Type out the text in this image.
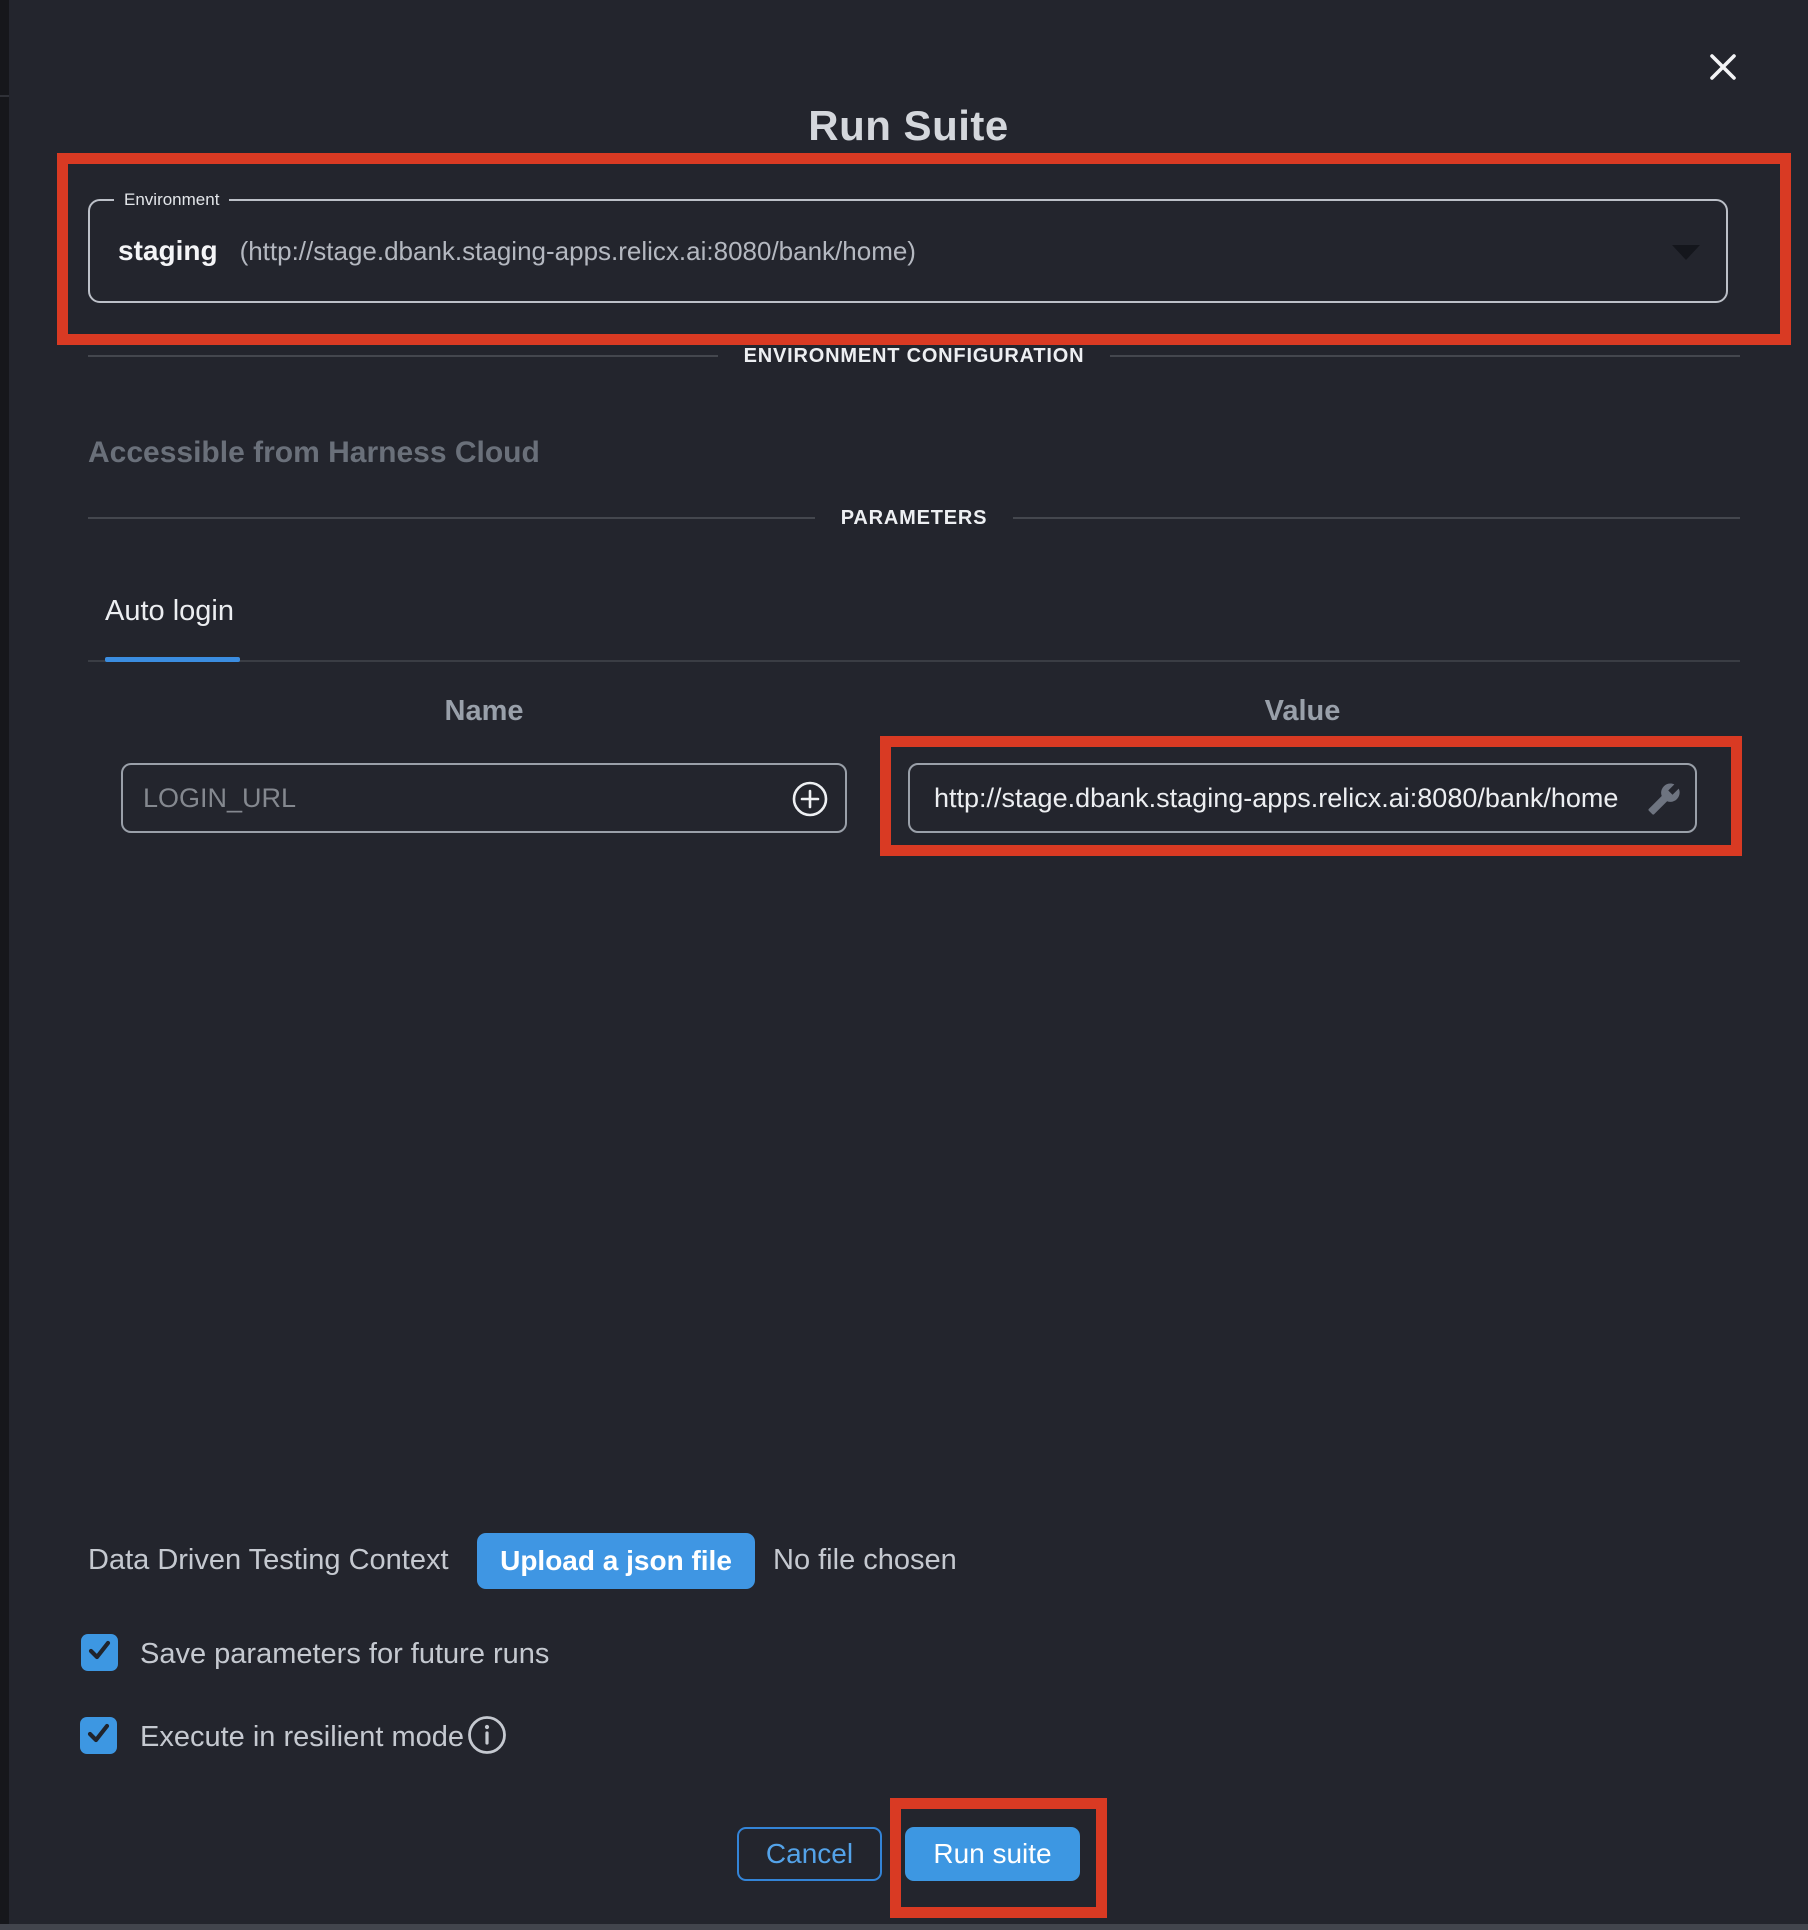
Run Suite
Environment
staging (http://stage.dbank.staging-apps.relicx.ai:8080/bank/home)
ENVIRONMENT CONFIGURATION
Accessible from Harness Cloud
PARAMETERS
Auto login
Name	Value
LOGIN_URL
http://stage.dbank.staging-apps.relicx.ai:8080/bank/home
Data Driven Testing Context Upload a json file No file chosen
Save parameters for future runs
Execute in resilient mode
Cancel	Run suite
